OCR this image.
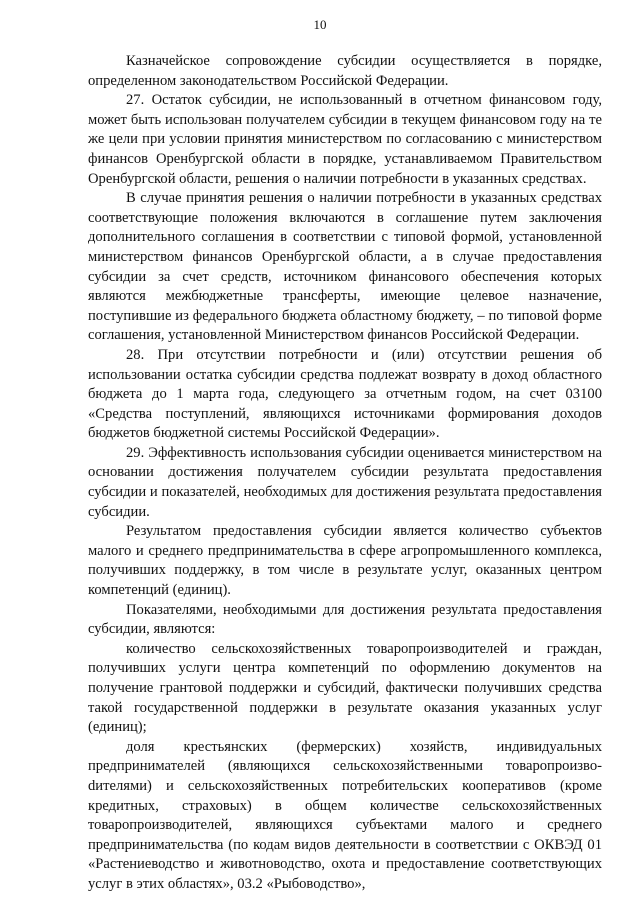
10

Казначейское сопровождение субсидии осуществляется в порядке, определенном законодательством Российской Федерации.

27. Остаток субсидии, не использованный в отчетном финансовом году, может быть использован получателем субсидии в текущем финансовом году на те же цели при условии принятия министерством по согласованию с министерством финансов Оренбургской области в порядке, устанавливаемом Правительством Оренбургской области, решения о наличии потребности в указанных средствах.

В случае принятия решения о наличии потребности в указанных средствах соответствующие положения включаются в соглашение путем заключения дополнительного соглашения в соответствии с типовой формой, установленной министерством финансов Оренбургской области, а в случае предоставления субсидии за счет средств, источником финансового обеспечения которых являются межбюджетные трансферты, имеющие целевое назначение, поступившие из федерального бюджета областному бюджету, – по типовой форме соглашения, установленной Министерством финансов Российской Федерации.

28. При отсутствии потребности и (или) отсутствии решения об использовании остатка субсидии средства подлежат возврату в доход областного бюджета до 1 марта года, следующего за отчетным годом, на счет 03100 «Средства поступлений, являющихся источниками формирования доходов бюджетов бюджетной системы Российской Федерации».

29. Эффективность использования субсидии оценивается министерством на основании достижения получателем субсидии результата предоставления субсидии и показателей, необходимых для достижения результата предоставления субсидии.

Результатом предоставления субсидии является количество субъектов малого и среднего предпринимательства в сфере агропромышленного комплекса, получивших поддержку, в том числе в результате услуг, оказанных центром компетенций (единиц).

Показателями, необходимыми для достижения результата предоставления субсидии, являются:

количество сельскохозяйственных товаропроизводителей и граждан, получивших услуги центра компетенций по оформлению документов на получение грантовой поддержки и субсидий, фактически получивших средства такой государственной поддержки в результате оказания указанных услуг (единиц);

доля крестьянских (фермерских) хозяйств, индивидуальных предпринимателей (являющихся сельскохозяйственными товаропроизвоdителями) и сельскохозяйственных потребительских кооперативов (кроме кредитных, страховых) в общем количестве сельскохозяйственных товаропроизводителей, являющихся субъектами малого и среднего предпринимательства (по кодам видов деятельности в соответствии с ОКВЭД 01 «Растениеводство и животноводство, охота и предоставление соответствующих услуг в этих областях», 03.2 «Рыбоводство»,
